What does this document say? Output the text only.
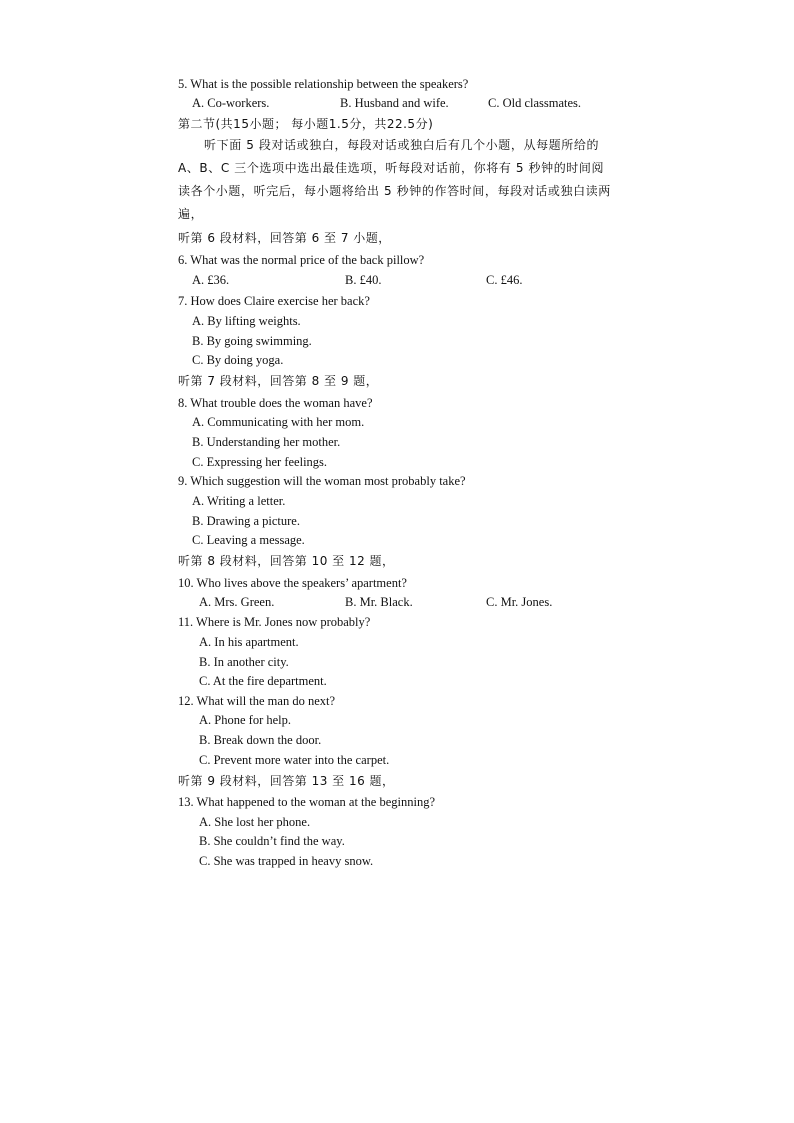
5. What is the possible relationship between the speakers?
A. Co-workers.	B. Husband and wife.	C. Old classmates.
第二节(共15小题； 每小题1.5分，共22.5分)
听下面 5 段对话或独白，每段对话或独白后有几个小题，从每题所给的 A、B、C 三个选项中选出最佳选项，听每段对话前，你将有 5 秒钟的时间阅读各个小题，听完后，每小题将给出 5 秒钟的作答时间，每段对话或独白读两遍，
听第 6 段材料，回答第 6 至 7 小题，
6. What was the normal price of the back pillow?
A. £36.	B. £40.	C. £46.
7. How does Claire exercise her back?
A. By lifting weights.
B. By going swimming.
C. By doing yoga.
听第 7 段材料，回答第 8 至 9 题，
8. What trouble does the woman have?
A. Communicating with her mom.
B. Understanding her mother.
C. Expressing her feelings.
9. Which suggestion will the woman most probably take?
A. Writing a letter.
B. Drawing a picture.
C. Leaving a message.
听第 8 段材料，回答第 10 至 12 题，
10. Who lives above the speakers’ apartment?
A. Mrs. Green.	B. Mr. Black.	C. Mr. Jones.
11. Where is Mr. Jones now probably?
A. In his apartment.
B. In another city.
C. At the fire department.
12. What will the man do next?
A. Phone for help.
B. Break down the door.
C. Prevent more water into the carpet.
听第 9 段材料，回答第 13 至 16 题，
13. What happened to the woman at the beginning?
A. She lost her phone.
B. She couldn’t find the way.
C. She was trapped in heavy snow.
